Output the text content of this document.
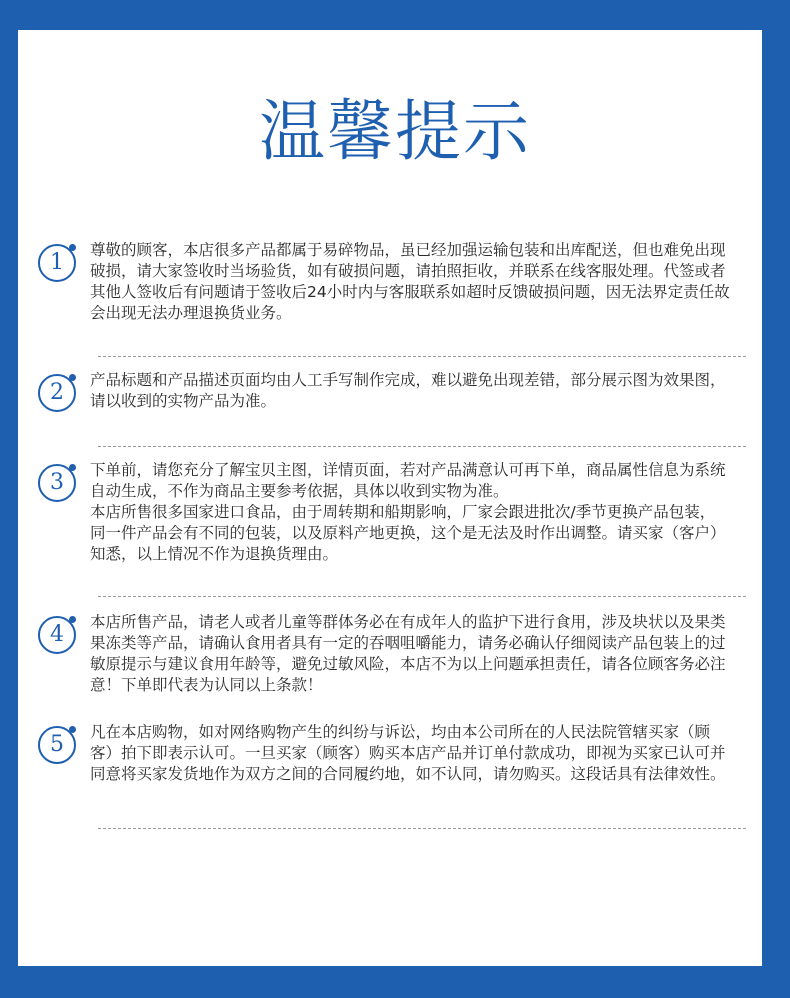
温馨提示
1	尊敬的顾客，本店很多产品都属于易碎物品，虽已经加强运输包装和出库配送，但也难免出现破损，请大家签收时当场验货，如有破损问题，请拍照拒收，并联系在线客服处理。代签或者其他人签收后有问题请于签收后24小时内与客服联系如超时反馈破损问题，因无法界定责任故会出现无法办理退换货业务。

2	产品标题和产品描述页面均由人工手写制作完成，难以避免出现差错，部分展示图为效果图，请以收到的实物产品为准。

3	下单前，请您充分了解宝贝主图，详情页面，若对产品满意认可再下单，商品属性信息为系统自动生成，不作为商品主要参考依据，具体以收到实物为准。

本店所售很多国家进口食品，由于周转期和船期影响，厂家会跟进批次/季节更换产品包装，同一件产品会有不同的包装，以及原料产地更换，这个是无法及时作出调整。请买家（客户）知悉，以上情况不作为退换货理由。

4	本店所售产品，请老人或者儿童等群体务必在有成年人的监护下进行食用，涉及块状以及果类果冻类等产品，请确认食用者具有一定的吞咽咀嚼能力，请务必确认仔细阅读产品包装上的过敏原提示与建议食用年龄等，避免过敏风险，本店不为以上问题承担责任，请各位顾客务必注意！下单即代表为认同以上条款！

5	凡在本店购物，如对网络购物产生的纠纷与诉讼，均由本公司所在的人民法院管辖买家（顾客）拍下即表示认可。一旦买家（顾客）购买本店产品并订单付款成功，即视为买家已认可并同意将买家发货地作为双方之间的合同履约地，如不认同，请勿购买。这段话具有法律效性。
